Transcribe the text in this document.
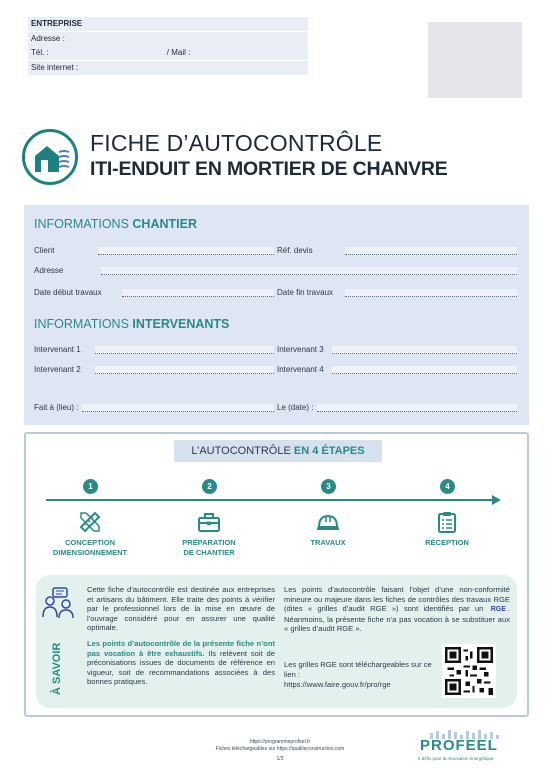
ENTREPRISE
Adresse :
Tél. :	/ Mail :
Site internet :
FICHE D’AUTOCONTRÔLE
ITI-ENDUIT EN MORTIER DE CHANVRE
INFORMATIONS CHANTIER
Client	Réf. devis
Adresse
Date début travaux	Date fin travaux
INFORMATIONS INTERVENANTS
Intervenant 1	Intervenant 3
Intervenant 2	Intervenant 4
Fait à (lieu) :	Le (date) :
L’AUTOCONTRÔLE EN 4 ÉTAPES
1
CONCEPTION
DIMENSIONNEMENT
2
PRÉPARATION
DE CHANTIER
3
TRAVAUX

4
RÉCEPTION

À SAVOIR

Cette fiche d’autocontrôle est destinée aux entreprises et artisans du bâtiment. Elle traite des points à vérifier par le professionnel lors de la mise en œuvre de l’ouvrage considéré pour en assurer une qualité optimale.

Les points d’autocontrôle de la présente fiche n’ont pas vocation à être exhaustifs. Ils relèvent soit de préconisations issues de documents de référence en vigueur, soit de recommandations associées à des bonnes pratiques.

Les points d’autocontrôle faisant l’objet d’une non-conformité mineure ou majeure dans les fiches de contrôles des travaux RGE (dites « grilles d’audit RGE ») sont identifiés par un RGE . Néanmoins, la présente fiche n’a pas vocation à se substituer aux « grilles d’audit RGE ».

Les grilles RGE sont téléchargeables sur ce lien :

https://www.faire.gouv.fr/pro/rge

https://programmeprofeel.fr
Fiches téléchargeables sur https://qualiteconstruction.com
1/3
PROFEEL
5 défis pour la rénovation énergétique
